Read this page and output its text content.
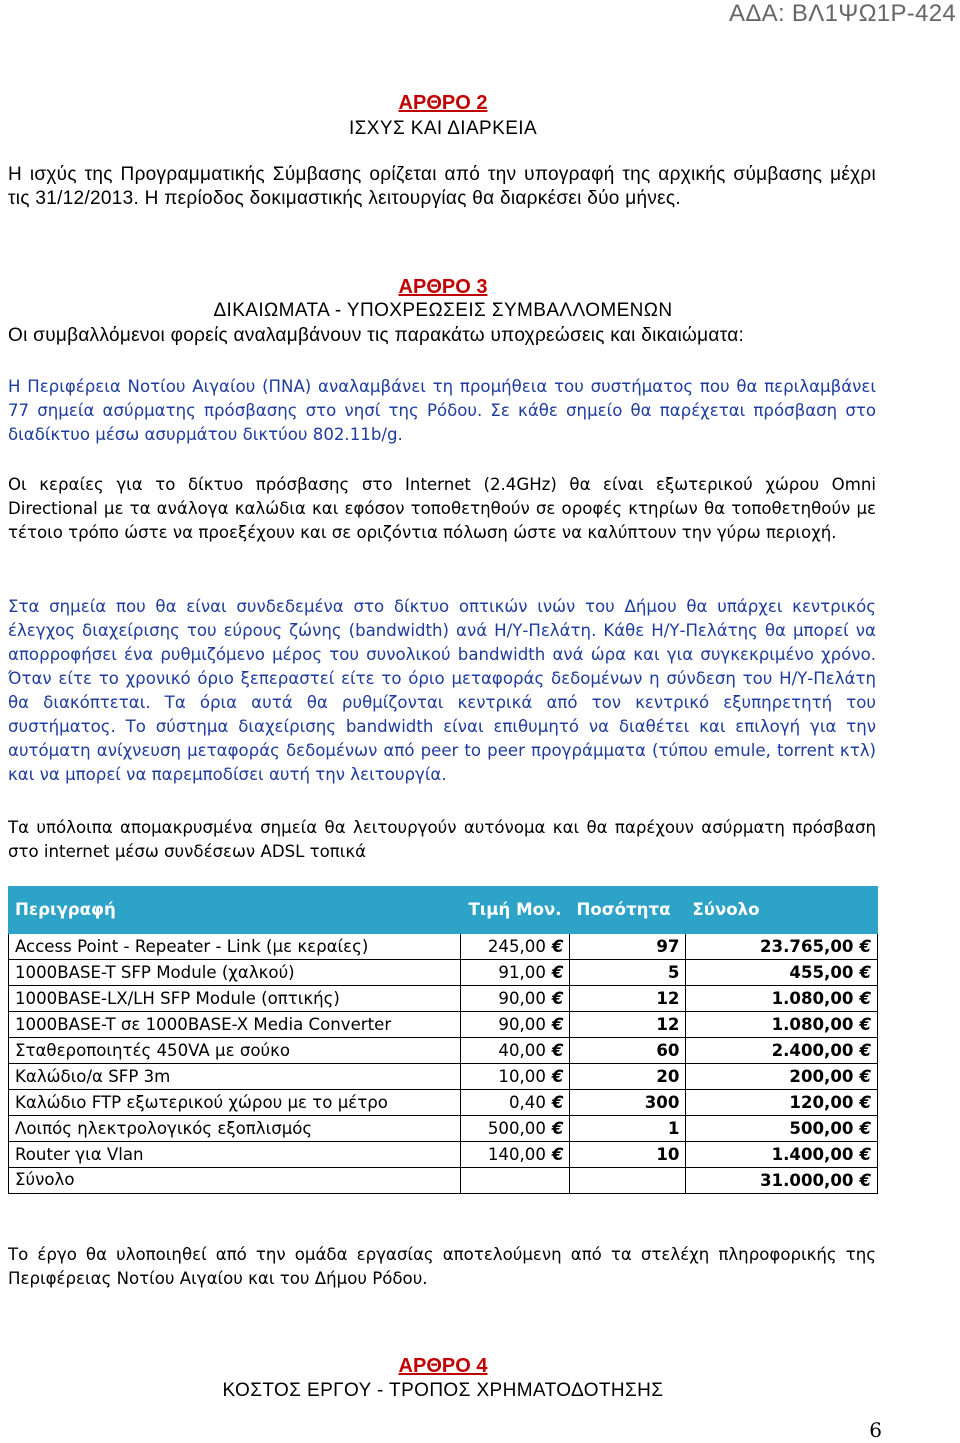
ΑΔΑ: ΒΛ1ΨΩ1Ρ-424
ΑΡΘΡΟ 2
ΙΣΧΥΣ ΚΑΙ ΔΙΑΡΚΕΙΑ
Η ισχύς της Προγραμματικής Σύμβασης ορίζεται από την υπογραφή της αρχικής σύμβασης μέχρι τις 31/12/2013. Η περίοδος δοκιμαστικής λειτουργίας θα διαρκέσει δύο μήνες.
ΑΡΘΡΟ 3
ΔΙΚΑΙΩΜΑΤΑ - ΥΠΟΧΡΕΩΣΕΙΣ ΣΥΜΒΑΛΛΟΜΕΝΩΝ
Οι συμβαλλόμενοι φορείς αναλαμβάνουν τις παρακάτω υποχρεώσεις και δικαιώματα:
Η Περιφέρεια Νοτίου Αιγαίου (ΠΝΑ) αναλαμβάνει τη προμήθεια του συστήματος που θα περιλαμβάνει 77 σημεία ασύρματης πρόσβασης στο νησί της Ρόδου. Σε κάθε σημείο θα παρέχεται πρόσβαση στο διαδίκτυο μέσω ασυρμάτου δικτύου 802.11b/g.
Οι κεραίες για το δίκτυο πρόσβασης στο Internet (2.4GHz) θα είναι εξωτερικού χώρου Omni Directional με τα ανάλογα καλώδια και εφόσον τοποθετηθούν σε οροφές κτηρίων θα τοποθετηθούν με τέτοιο τρόπο ώστε να προεξέχουν και σε οριζόντια πόλωση ώστε να καλύπτουν την γύρω περιοχή.
Στα σημεία που θα είναι συνδεδεμένα στο δίκτυο οπτικών ινών του Δήμου θα υπάρχει κεντρικός έλεγχος διαχείρισης του εύρους ζώνης (bandwidth) ανά Η/Υ-Πελάτη. Κάθε Η/Υ-Πελάτης θα μπορεί να απορροφήσει ένα ρυθμιζόμενο μέρος του συνολικού bandwidth ανά ώρα και για συγκεκριμένο χρόνο. Όταν είτε το χρονικό όριο ξεπεραστεί είτε το όριο μεταφοράς δεδομένων η σύνδεση του Η/Υ-Πελάτη θα διακόπτεται. Τα όρια αυτά θα ρυθμίζονται κεντρικά από τον κεντρικό εξυπηρετητή του συστήματος. Το σύστημα διαχείρισης bandwidth είναι επιθυμητό να διαθέτει και επιλογή για την αυτόματη ανίχνευση μεταφοράς δεδομένων από peer to peer προγράμματα (τύπου emule, torrent κτλ) και να μπορεί να παρεμποδίσει αυτή την λειτουργία.
Τα υπόλοιπα απομακρυσμένα σημεία θα λειτουργούν αυτόνομα και θα παρέχουν ασύρματη πρόσβαση στο internet μέσω συνδέσεων ADSL τοπικά
Περιγραφή	Τιμή Μον.	Ποσότητα	Σύνολο
Access Point - Repeater - Link (με κεραίες)	245,00 €	97	23.765,00 €
1000BASE-T SFP Module (χαλκού)	91,00 €	5	455,00 €
1000BASE-LX/LH SFP Module (οπτικής)	90,00 €	12	1.080,00 €
1000BASE-T σε 1000BASE-X Media Converter	90,00 €	12	1.080,00 €
Σταθεροποιητές 450VA με σούκο	40,00 €	60	2.400,00 €
Καλώδιο/α SFP 3m	10,00 €	20	200,00 €
Καλώδιο FTP εξωτερικού χώρου με το μέτρο	0,40 €	300	120,00 €
Λοιπός ηλεκτρολογικός εξοπλισμός	500,00 €	1	500,00 €
Router για Vlan	140,00 €	10	1.400,00 €
Σύνολο			31.000,00 €
Το έργο θα υλοποιηθεί από την ομάδα εργασίας αποτελούμενη από τα στελέχη πληροφορικής της Περιφέρειας Νοτίου Αιγαίου και του Δήμου Ρόδου.
ΑΡΘΡΟ 4
ΚΟΣΤΟΣ ΕΡΓΟΥ - ΤΡΟΠΟΣ ΧΡΗΜΑΤΟΔΟΤΗΣΗΣ
6
